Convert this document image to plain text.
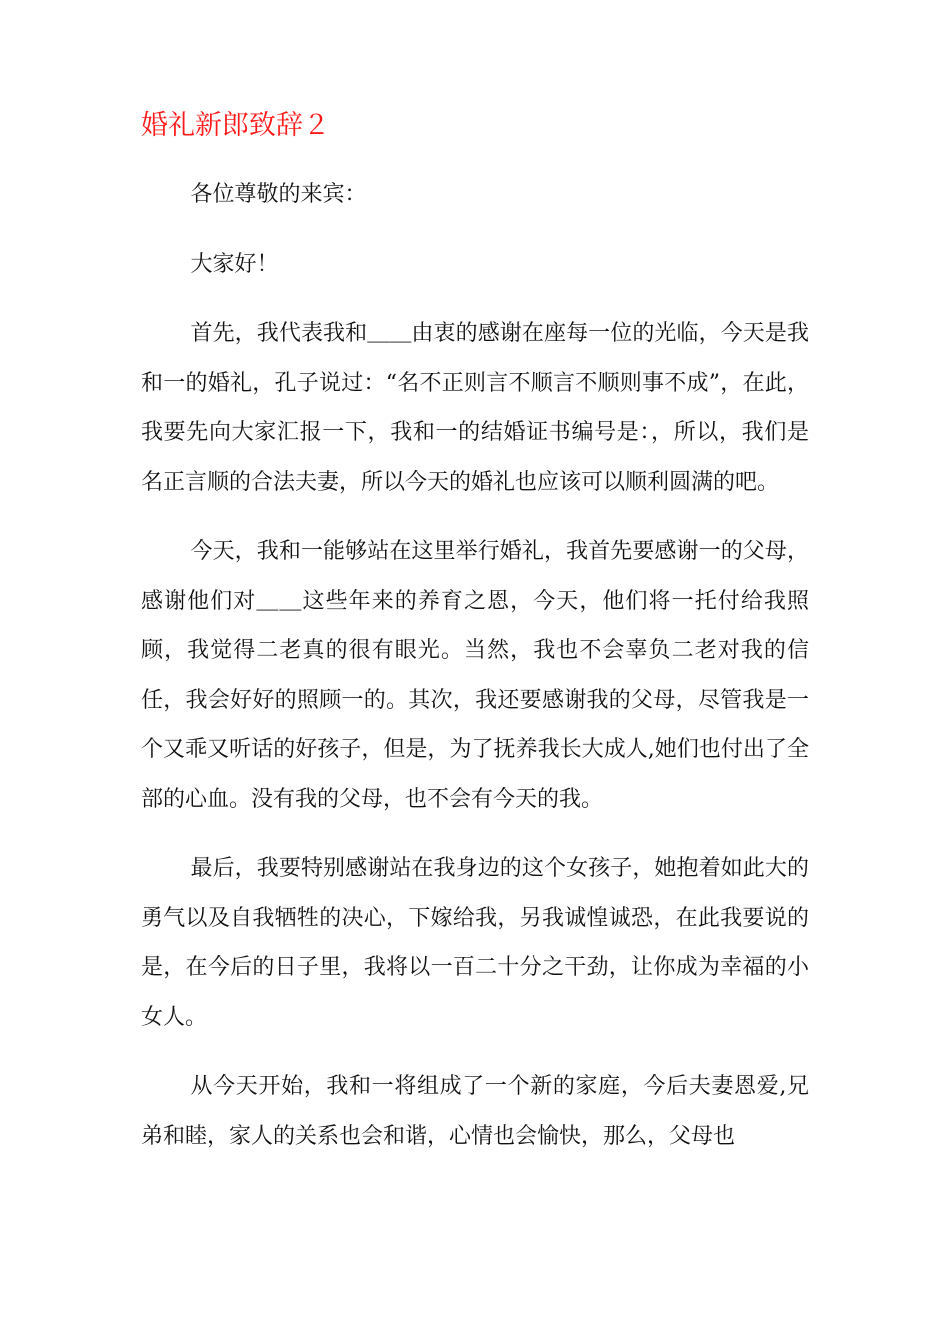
婚礼新郎致辞２

各位尊敬的来宾：

大家好！

首先，我代表我和＿＿由衷的感谢在座每一位的光临，今天是我和一的婚礼，孔子说过：“名不正则言不顺言不顺则事不成”，在此，我要先向大家汇报一下，我和一的结婚证书编号是：，所以，我们是名正言顺的合法夫妻，所以今天的婚礼也应该可以顺利圆满的吧。

今天，我和一能够站在这里举行婚礼，我首先要感谢一的父母，感谢他们对＿＿这些年来的养育之恩，今天，他们将一托付给我照顾，我觉得二老真的很有眼光。当然，我也不会辜负二老对我的信任，我会好好的照顾一的。其次，我还要感谢我的父母，尽管我是一个又乖又听话的好孩子，但是，为了抚养我长大成人,她们也付出了全部的心血。没有我的父母，也不会有今天的我。

最后，我要特别感谢站在我身边的这个女孩子，她抱着如此大的勇气以及自我牺牲的决心，下嫁给我，另我诚惶诚恐，在此我要说的是，在今后的日子里，我将以一百二十分之干劲，让你成为幸福的小女人。

从今天开始，我和一将组成了一个新的家庭，今后夫妻恩爱,兄弟和睦，家人的关系也会和谐，心情也会愉快，那么，父母也
